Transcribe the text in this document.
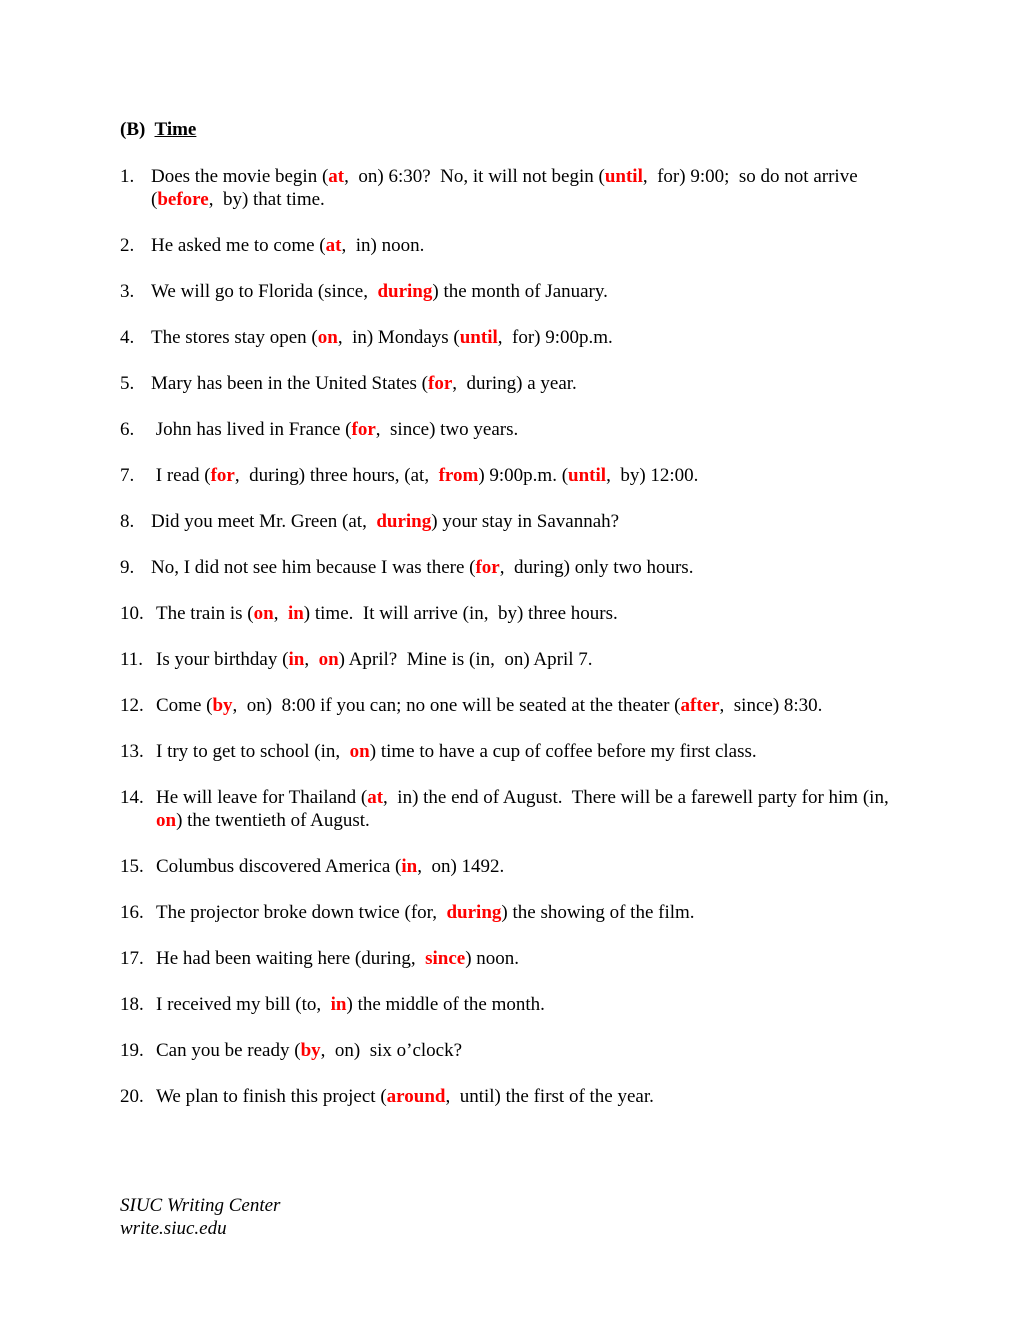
(B) Time
1. Does the movie begin (at, on) 6:30?  No, it will not begin (until, for) 9:00;  so do not arrive (before, by) that time.
2. He asked me to come (at, in) noon.
3. We will go to Florida (since, during) the month of January.
4. The stores stay open (on, in) Mondays (until, for) 9:00p.m.
5. Mary has been in the United States (for, during) a year.
6. John has lived in France (for, since) two years.
7. I read (for, during) three hours, (at, from) 9:00p.m. (until, by) 12:00.
8. Did you meet Mr. Green (at, during) your stay in Savannah?
9. No, I did not see him because I was there (for, during) only two hours.
10. The train is (on, in) time.  It will arrive (in, by) three hours.
11. Is your birthday (in, on) April?  Mine is (in, on) April 7.
12. Come (by, on)  8:00 if you can; no one will be seated at the theater (after, since) 8:30.
13. I try to get to school (in, on) time to have a cup of coffee before my first class.
14. He will leave for Thailand (at, in) the end of August.  There will be a farewell party for him (in,  on) the twentieth of August.
15. Columbus discovered America (in, on) 1492.
16. The projector broke down twice (for, during) the showing of the film.
17. He had been waiting here (during, since) noon.
18. I received my bill (to, in) the middle of the month.
19. Can you be ready (by, on)  six o’clock?
20. We plan to finish this project (around, until) the first of the year.
SIUC Writing Center
write.siuc.edu
